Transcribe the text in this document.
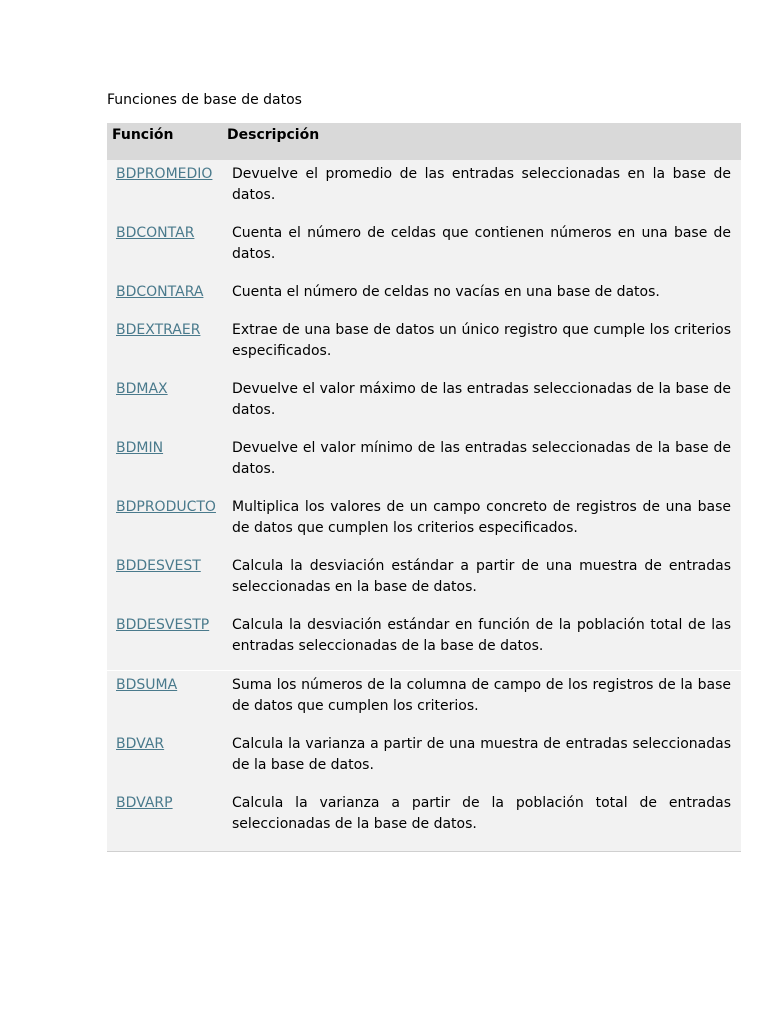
Funciones de base de datos
Función	Descripción
BDPROMEDIO	Devuelve el promedio de las entradas seleccionadas en la base de datos.
BDCONTAR	Cuenta el número de celdas que contienen números en una base de datos.
BDCONTARA	Cuenta el número de celdas no vacías en una base de datos.
BDEXTRAER	Extrae de una base de datos un único registro que cumple los criterios especificados.
BDMAX	Devuelve el valor máximo de las entradas seleccionadas de la base de datos.
BDMIN	Devuelve el valor mínimo de las entradas seleccionadas de la base de datos.
BDPRODUCTO	Multiplica los valores de un campo concreto de registros de una base de datos que cumplen los criterios especificados.
BDDESVEST	Calcula la desviación estándar a partir de una muestra de entradas seleccionadas en la base de datos.
BDDESVESTP	Calcula la desviación estándar en función de la población total de las entradas seleccionadas de la base de datos.
BDSUMA	Suma los números de la columna de campo de los registros de la base de datos que cumplen los criterios.
BDVAR	Calcula la varianza a partir de una muestra de entradas seleccionadas de la base de datos.
BDVARP	Calcula la varianza a partir de la población total de entradas seleccionadas de la base de datos.
